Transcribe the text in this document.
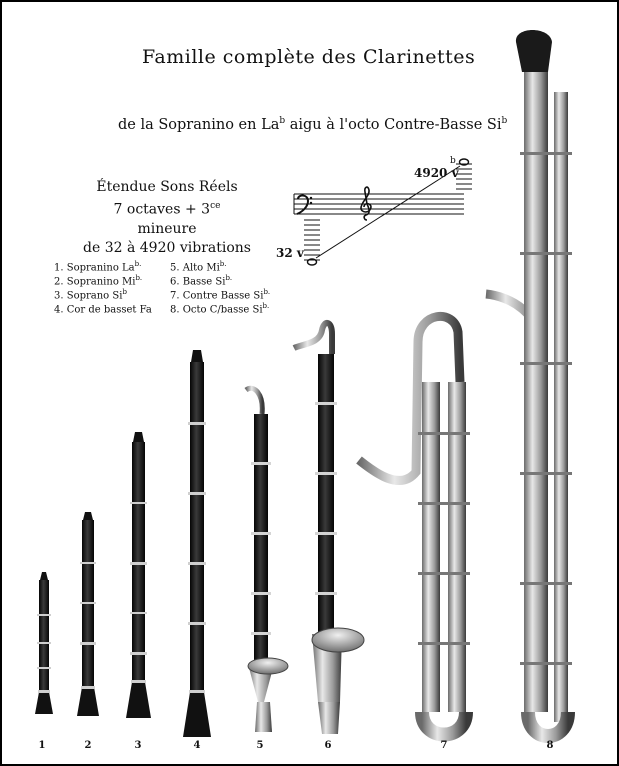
Famille complète des Clarinettes
de la Sopranino en La$^b$ aigu à l'octo Contre-Basse Si$^b$
Étendue Sons Réels
7 octaves + $3^{ce}$ mineure
de 32 à 4920 vibrations
4920 v
b
32 v
1. Sopranino $La^{b.}$
2. Sopranino $Mi^{b.}$
3. Soprano Si$^b$
4. Cor de basset Fa
5. Alto $Mi^{b.}$
6. Basse $Si^{b.}$
7. Contre Basse $Si^{b.}$
8. Octo C/basse $Si^{b.}$
1	2	3	4	5	6	7	8
